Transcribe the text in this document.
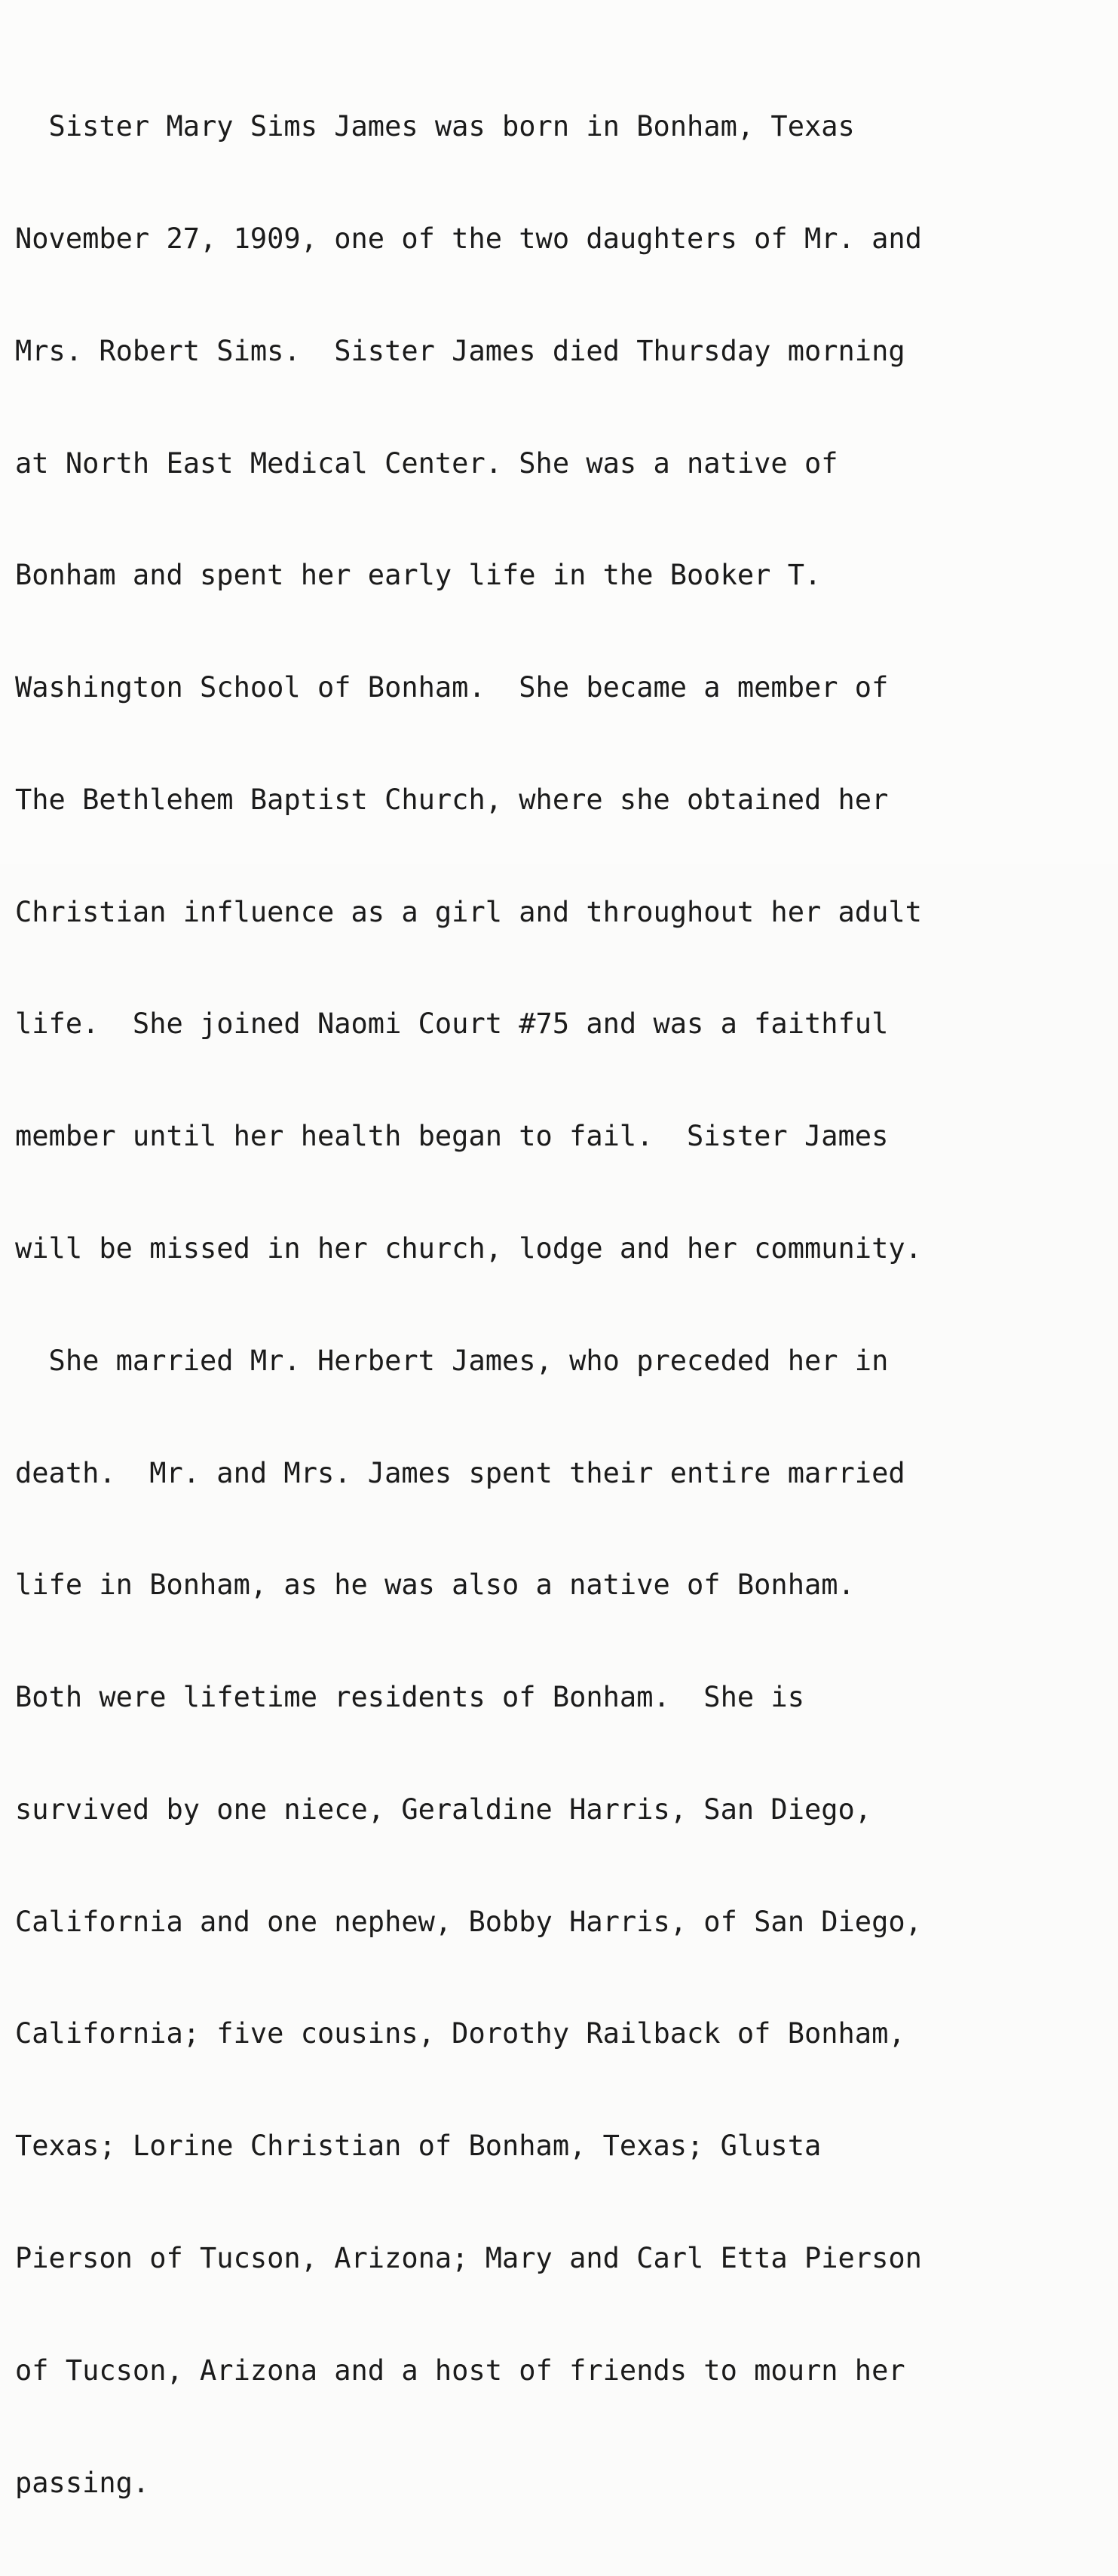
Sister Mary Sims James was born in Bonham, Texas

November 27, 1909, one of the two daughters of Mr. and

Mrs. Robert Sims.  Sister James died Thursday morning

at North East Medical Center. She was a native of

Bonham and spent her early life in the Booker T.

Washington School of Bonham.  She became a member of

The Bethlehem Baptist Church, where she obtained her

Christian influence as a girl and throughout her adult

life.  She joined Naomi Court #75 and was a faithful

member until her health began to fail.  Sister James

will be missed in her church, lodge and her community.

She married Mr. Herbert James, who preceded her in

death.  Mr. and Mrs. James spent their entire married

life in Bonham, as he was also a native of Bonham.

Both were lifetime residents of Bonham.  She is

survived by one niece, Geraldine Harris, San Diego,

California and one nephew, Bobby Harris, of San Diego,

California; five cousins, Dorothy Railback of Bonham,

Texas; Lorine Christian of Bonham, Texas; Glusta

Pierson of Tucson, Arizona; Mary and Carl Etta Pierson

of Tucson, Arizona and a host of friends to mourn her

passing.
